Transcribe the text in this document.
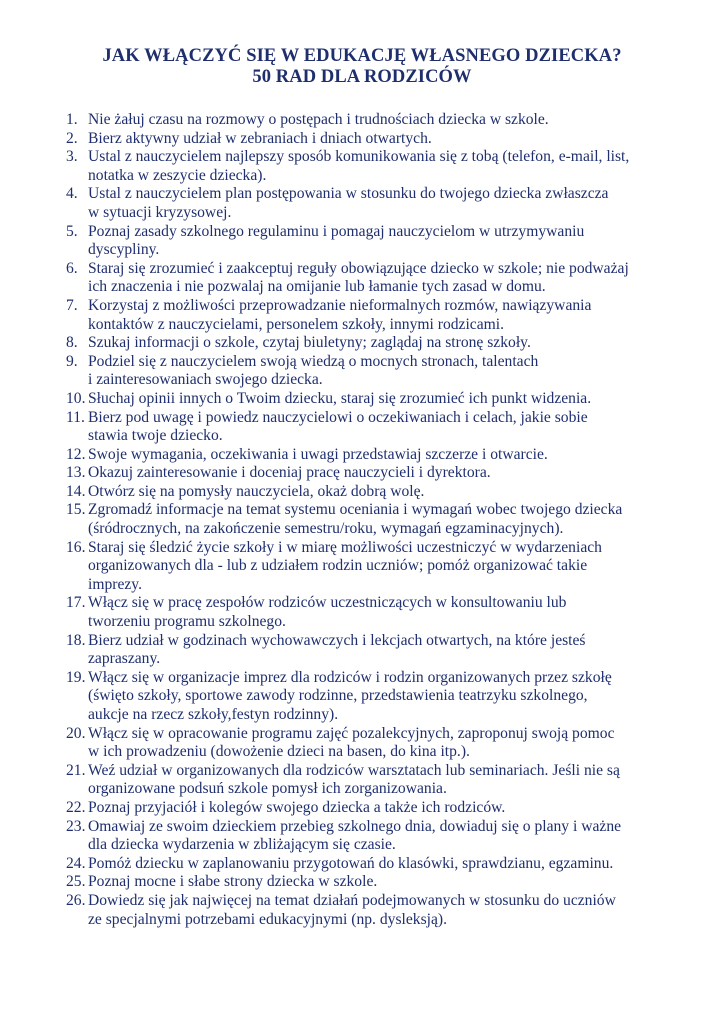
JAK WŁĄCZYĆ SIĘ W EDUKACJĘ WŁASNEGO DZIECKA?
50 RAD DLA RODZICÓW
1. Nie żałuj czasu na rozmowy o postępach i trudnościach dziecka w szkole.
2. Bierz aktywny udział w zebraniach i dniach otwartych.
3. Ustal z nauczycielem najlepszy sposób komunikowania się z tobą (telefon, e-mail, list,
notatka w zeszycie dziecka).
4. Ustal z nauczycielem plan postępowania w stosunku do twojego dziecka zwłaszcza
w sytuacji kryzysowej.
5. Poznaj zasady szkolnego regulaminu i pomagaj nauczycielom w utrzymywaniu
dyscypliny.
6. Staraj się zrozumieć i zaakceptuj reguły obowiązujące dziecko w szkole; nie podważaj
ich znaczenia i nie pozwalaj na omijanie lub łamanie tych zasad w domu.
7. Korzystaj z możliwości przeprowadzanie nieformalnych rozmów, nawiązywania
kontaktów z nauczycielami, personelem szkoły, innymi rodzicami.
8. Szukaj informacji o szkole, czytaj biuletyny; zaglądaj na stronę szkoły.
9. Podziel się z nauczycielem swoją wiedzą o mocnych stronach, talentach
i zainteresowaniach swojego dziecka.
10. Słuchaj opinii innych o Twoim dziecku, staraj się zrozumieć ich punkt widzenia.
11. Bierz pod uwagę i powiedz nauczycielowi o oczekiwaniach i celach, jakie sobie
stawia twoje dziecko.
12. Swoje wymagania, oczekiwania i uwagi przedstawiaj szczerze i otwarcie.
13. Okazuj zainteresowanie i doceniaj pracę nauczycieli i dyrektora.
14. Otwórz się na pomysły nauczyciela, okaż dobrą wolę.
15. Zgromadź informacje na temat systemu oceniania i wymagań wobec twojego dziecka
(śródrocznych, na zakończenie semestru/roku, wymagań egzaminacyjnych).
16. Staraj się śledzić życie szkoły i w miarę możliwości uczestniczyć w wydarzeniach
organizowanych dla - lub z udziałem rodzin uczniów; pomóż organizować takie
imprezy.
17. Włącz się w pracę zespołów rodziców uczestniczących w konsultowaniu lub
tworzeniu programu szkolnego.
18. Bierz udział w godzinach wychowawczych i lekcjach otwartych, na które jesteś
zapraszany.
19. Włącz się w organizacje imprez dla rodziców i rodzin organizowanych przez szkołę
(święto szkoły, sportowe zawody rodzinne, przedstawienia teatrzyku szkolnego,
aukcje na rzecz szkoły,festyn rodzinny).
20. Włącz się w opracowanie programu zajęć pozalekcyjnych, zaproponuj swoją pomoc
w ich prowadzeniu (dowożenie dzieci na basen, do kina itp.).
21. Weź udział w organizowanych dla rodziców warsztatach lub seminariach. Jeśli nie są
organizowane podsuń szkole pomysł ich zorganizowania.
22. Poznaj przyjaciół i kolegów swojego dziecka a także ich rodziców.
23. Omawiaj ze swoim dzieckiem przebieg szkolnego dnia, dowiaduj się o plany i ważne
dla dziecka wydarzenia w zbliżającym się czasie.
24. Pomóż dziecku w zaplanowaniu przygotowań do klasówki, sprawdzianu, egzaminu.
25. Poznaj mocne i słabe strony dziecka w szkole.
26. Dowiedz się jak najwięcej na temat działań podejmowanych w stosunku do uczniów
ze specjalnymi potrzebami edukacyjnymi (np. dysleksją).
